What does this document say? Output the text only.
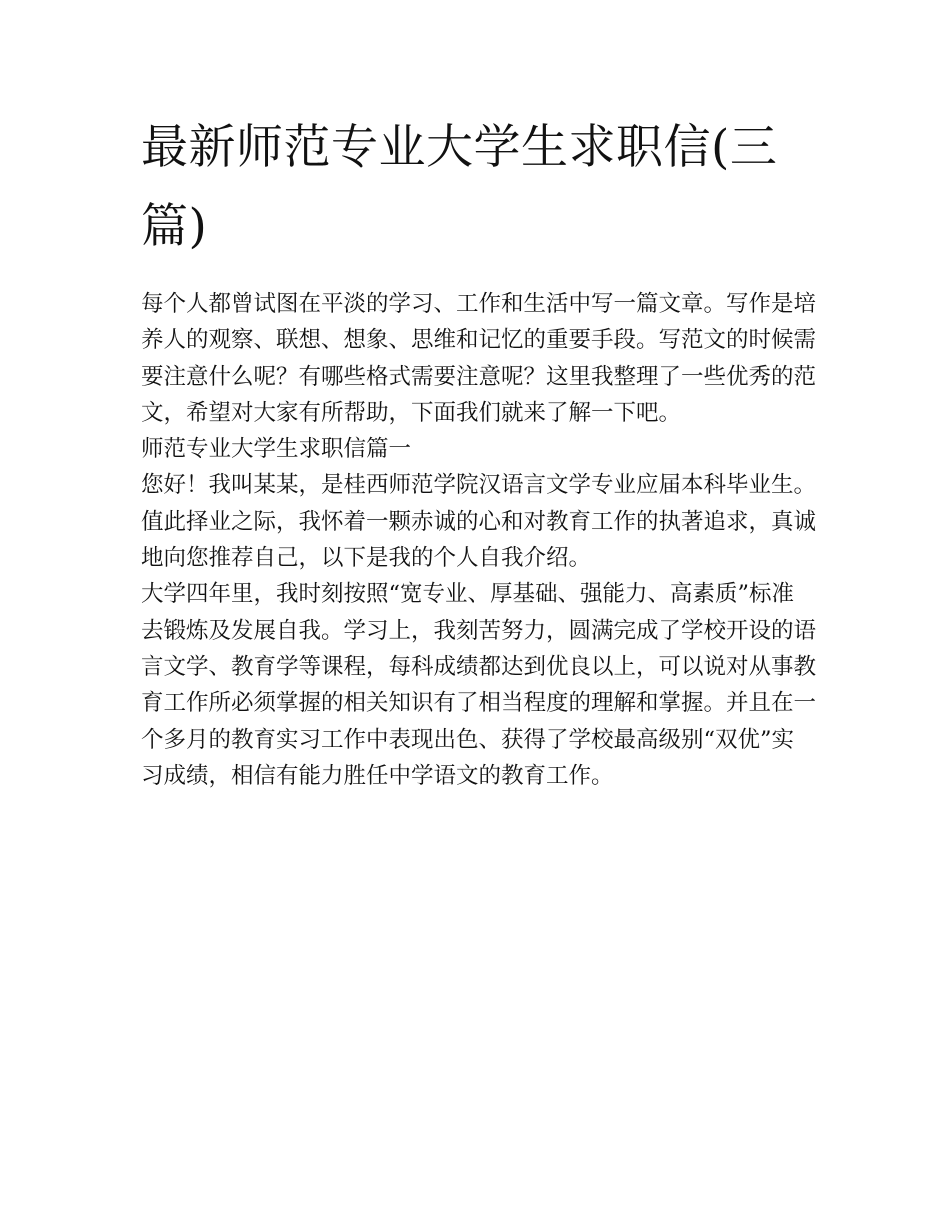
最新师范专业大学生求职信(三篇)

每个人都曾试图在平淡的学习、工作和生活中写一篇文章。写作是培养人的观察、联想、想象、思维和记忆的重要手段。写范文的时候需要注意什么呢？有哪些格式需要注意呢？这里我整理了一些优秀的范文，希望对大家有所帮助，下面我们就来了解一下吧。

师范专业大学生求职信篇一

您好！我叫某某，是桂西师范学院汉语言文学专业应届本科毕业生。值此择业之际，我怀着一颗赤诚的心和对教育工作的执著追求，真诚地向您推荐自己，以下是我的个人自我介绍。

大学四年里，我时刻按照“宽专业、厚基础、强能力、高素质”标准去锻炼及发展自我。学习上，我刻苦努力，圆满完成了学校开设的语言文学、教育学等课程，每科成绩都达到优良以上，可以说对从事教育工作所必须掌握的相关知识有了相当程度的理解和掌握。并且在一个多月的教育实习工作中表现出色、获得了学校最高级别“双优”实习成绩，相信有能力胜任中学语文的教育工作。
